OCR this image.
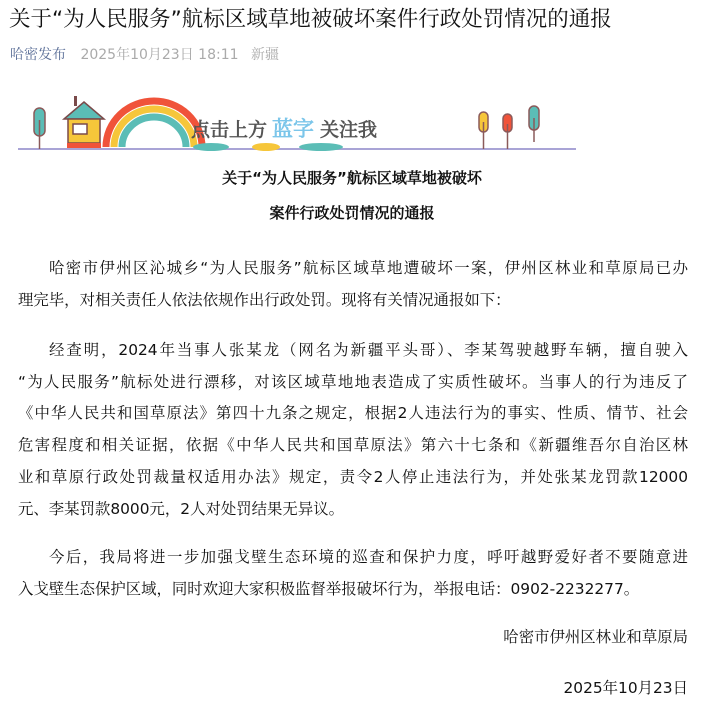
关于“为人民服务”航标区域草地被破坏案件行政处罚情况的通报
哈密发布 2025年10月23日 18:11 新疆
点击上方 蓝字 关注我
关于“为人民服务”航标区域草地被破坏
案件行政处罚情况的通报
哈密市伊州区沁城乡“为人民服务”航标区域草地遭破坏一案，伊州区林业和草原局已办
理完毕，对相关责任人依法依规作出行政处罚。现将有关情况通报如下：
经查明，2024年当事人张某龙（网名为新疆平头哥）、李某驾驶越野车辆，擅自驶入
“为人民服务”航标处进行漂移，对该区域草地地表造成了实质性破坏。当事人的行为违反了
《中华人民共和国草原法》第四十九条之规定，根据2人违法行为的事实、性质、情节、社会
危害程度和相关证据，依据《中华人民共和国草原法》第六十七条和《新疆维吾尔自治区林
业和草原行政处罚裁量权适用办法》规定，责令2人停止违法行为，并处张某龙罚款12000
元、李某罚款8000元，2人对处罚结果无异议。
今后，我局将进一步加强戈壁生态环境的巡查和保护力度，呼吁越野爱好者不要随意进
入戈壁生态保护区域，同时欢迎大家积极监督举报破坏行为，举报电话：0902-2232277。
哈密市伊州区林业和草原局
2025年10月23日
